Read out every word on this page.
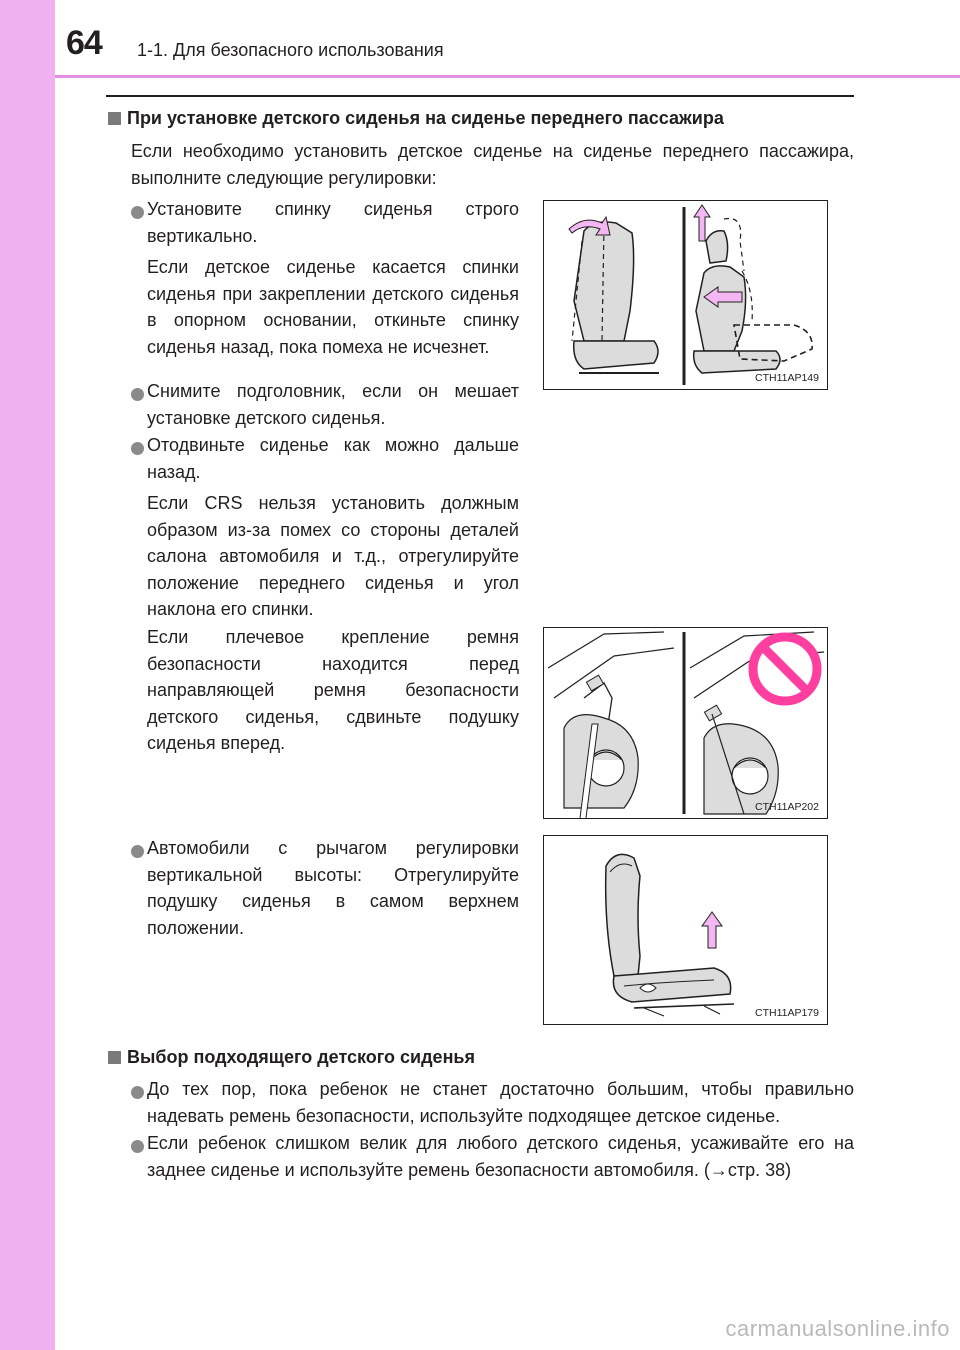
64 1-1. Для безопасного использования
При установке детского сиденья на сиденье переднего пассажира
Если необходимо установить детское сиденье на сиденье переднего пассажира, выполните следующие регулировки:
Установите спинку сиденья строго вертикально.
Если детское сиденье касается спинки сиденья при закреплении детского сиденья в опорном основании, откиньте спинку сиденья назад, пока помеха не исчезнет.
Снимите подголовник, если он мешает установке детского сиденья.
Отодвиньте сиденье как можно дальше назад.
Если CRS нельзя установить должным образом из-за помех со стороны деталей салона автомобиля и т.д., отрегулируйте положение переднего сиденья и угол наклона его спинки.
Если плечевое крепление ремня безопасности находится перед направляющей ремня безопасности детского сиденья, сдвиньте подушку сиденья вперед.
Автомобили с рычагом регулировки вертикальной высоты: Отрегулируйте подушку сиденья в самом верхнем положении.
CTH11AP149
CTH11AP202
CTH11AP179
Выбор подходящего детского сиденья
До тех пор, пока ребенок не станет достаточно большим, чтобы правильно надевать ремень безопасности, используйте подходящее детское сиденье.
Если ребенок слишком велик для любого детского сиденья, усаживайте его на заднее сиденье и используйте ремень безопасности автомобиля. (→стр. 38)
carmanualsonline.info
